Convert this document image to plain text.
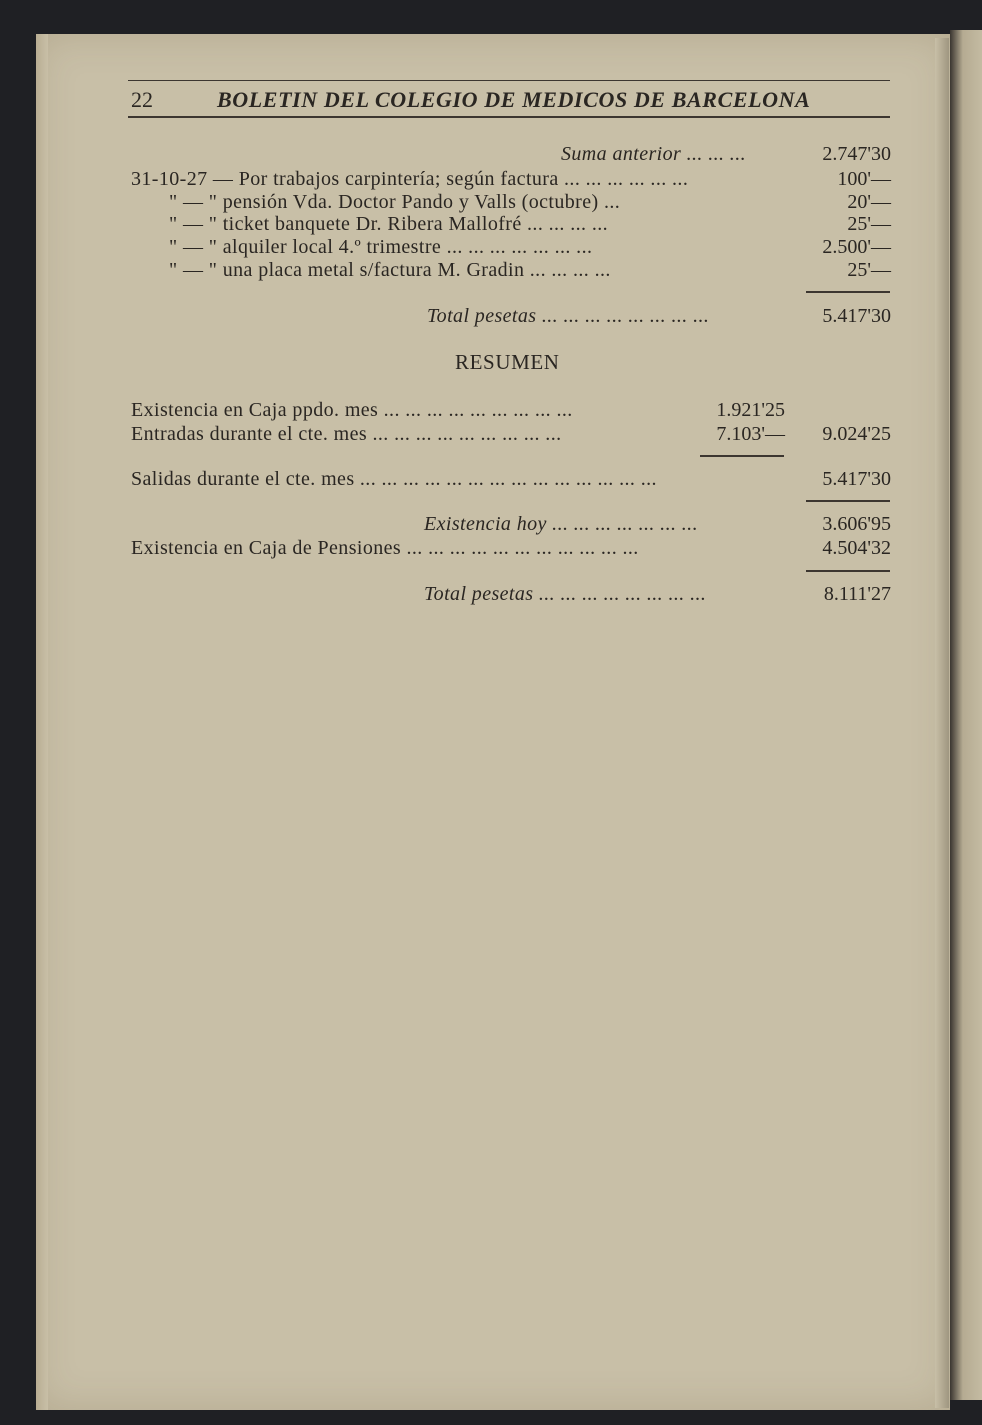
22	BOLETIN DEL COLEGIO DE MEDICOS DE BARCELONA
Suma anterior ... ... ...	2.747'30
31-10-27 — Por trabajos carpintería; según factura ... ... ... ... ... ...	100'—
" — " pensión Vda. Doctor Pando y Valls (octubre) ...	20'—
" — " ticket banquete Dr. Ribera Mallofré ... ... ... ...	25'—
" — " alquiler local 4.º trimestre ... ... ... ... ... ... ...	2.500'—
" — " una placa metal s/factura M. Gradin ... ... ... ...	25'—
Total pesetas ... ... ... ... ... ... ... ...	5.417'30
RESUMEN
Existencia en Caja ppdo. mes ... ... ... ... ... ... ... ... ...	1.921'25
Entradas durante el cte. mes ... ... ... ... ... ... ... ... ...	7.103'— 9.024'25
Salidas durante el cte. mes ... ... ... ... ... ... ... ... ... ... ... ... ... ...	5.417'30
Existencia hoy ... ... ... ... ... ... ...	3.606'95
Existencia en Caja de Pensiones ... ... ... ... ... ... ... ... ... ... ...	4.504'32
Total pesetas ... ... ... ... ... ... ... ...	8.111'27
